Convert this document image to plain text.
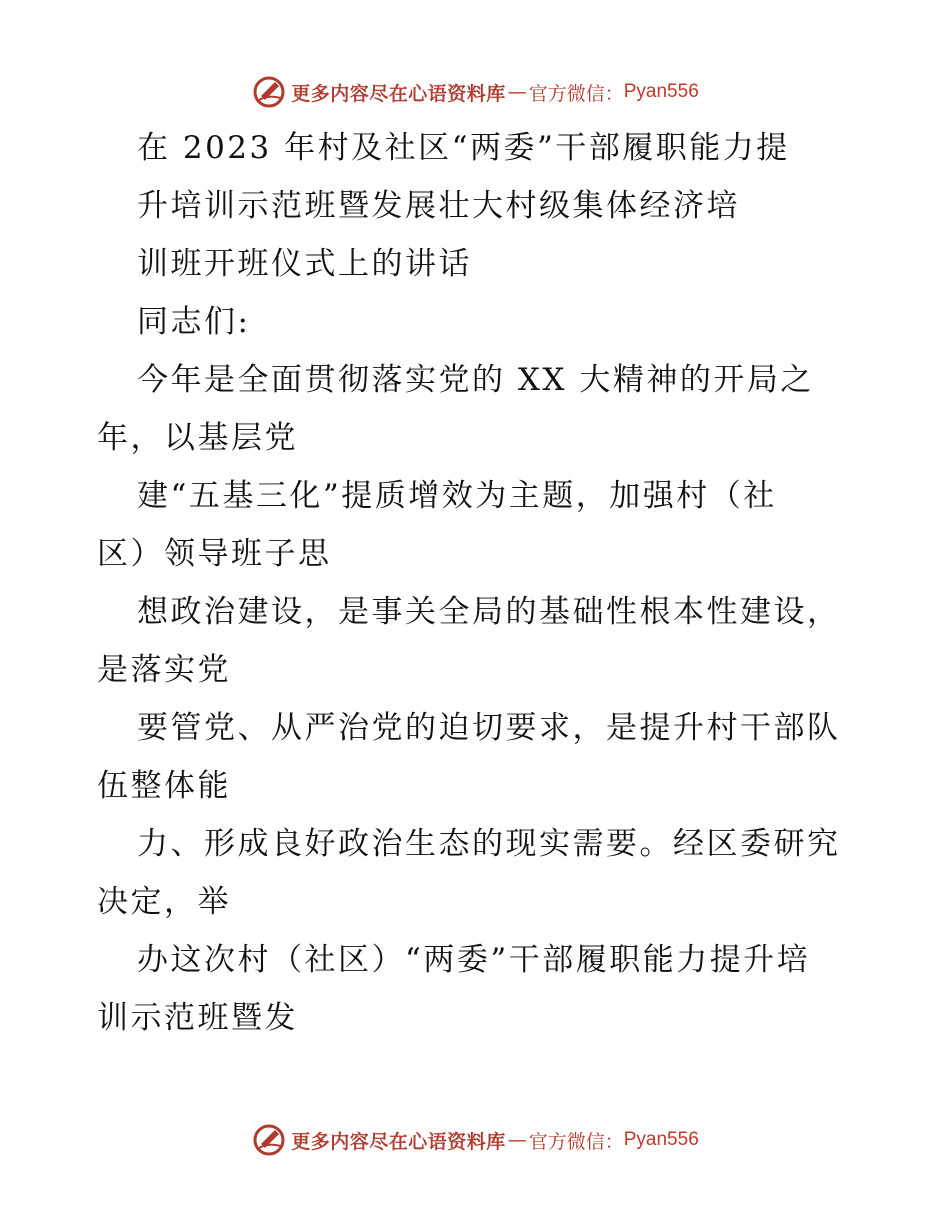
更多内容尽在心语资料库 — 官方微信： Pyan556
在 2023 年村及社区“两委”干部履职能力提
升培训示范班暨发展壮大村级集体经济培
训班开班仪式上的讲话
同志们:
今年是全面贯彻落实党的 XX 大精神的开局之
年，以基层党
建“五基三化”提质增效为主题，加强村（社
区）领导班子思
想政治建设，是事关全局的基础性根本性建设，
是落实党
要管党、从严治党的迫切要求，是提升村干部队
伍整体能
力、形成良好政治生态的现实需要。经区委研究
决定，举
办这次村（社区）“两委”干部履职能力提升培
训示范班暨发
更多内容尽在心语资料库 — 官方微信： Pyan556
